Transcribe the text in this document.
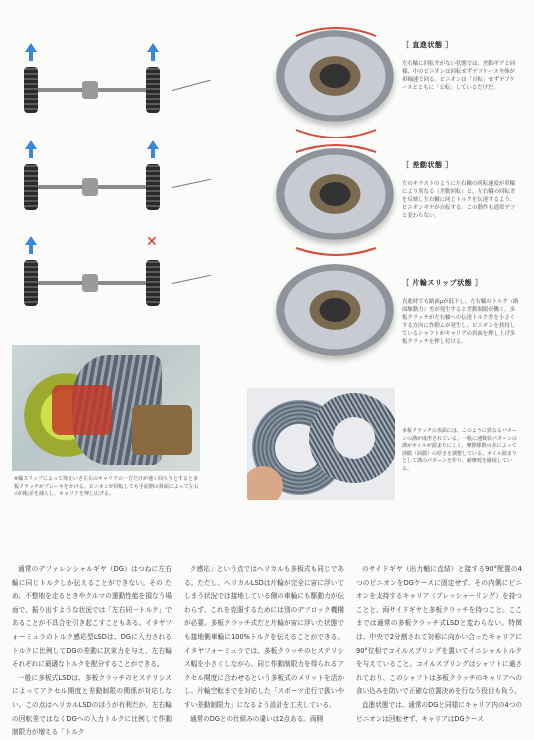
✕
［ 直進状態 ］
左右輪に回転差がない状態では、差動ギアと同様、中のピニオンは回転せずデフケース全体が車軸速で回る。ピニオンは「自転」せずデフケースとともに「公転」しているだけだ。
［ 差動状態 ］
左のキラストのように左右輪の回転速度が車輪により異なる（差動回転）と、左右輪の回転差を反映し左右輪に同じトルクを伝達するよう、ピニオンギヤが自転する。この動作も通常デフと変わらない。
［ 片輪スリップ状態 ］
直進時でも路面μが低下し、左右輪のトルク（路面駆動力）差が発生すると差動制限が働く。多板クラッチが左右輪への伝達トルク差を小さくする方向に作動ムが発生し、ピニオンを挟持しているシャフトがキャリアの斜面を押し上げ多板クラッチを押し付ける。
※輪スリップによって抑止いさ左右のキャリアの一方だけが速く回ろうとすると多板クラッチがブレーキをかける。ピニオンが回転しても手前側の斜面によって左右の回転差を減らし、キャリアを押し広げる。
多板クラッチの表面には、このように異なるパターンの溝が成形されている。一般に速数状パターンの溝がオイルが溜まりにくく、摩擦係数の差によって油膜（面膜）の厚さを調整している。オイル溜まりとして溝のパターンを作り、耐摩耗を確保している。

通常のデファレンシャルギヤ（DG）はつねに左右輪に同じトルクしか伝えることができない。その ため、不整地を走るときやクルマの運動性能を損なう場面で、振り出すような状況では「左右同一トルク」であることが不具合を引き起こすこともある。イタヤフォーミュラのトルク感応型LSDは、DGに入力されるトルクに比例してDGの差動に抗束力を与え、左右輪それぞれに最適なトルクを配分することができる。

一般に多板式LSDは、多板クラッチのヒステリシスによってアクセル開度と差動制限の関係が対応しない。この点はヘリカルLSDのほうが有利だが、左右輪の回転差ではなくDGへの入力トルクに比例して作動制限力が増える「トルク

ク感応」という点ではヘリカルも多板式も同じである。ただし、ヘリカルLSDは片輪が完全に宙に浮いてしまう状況では接地している側の車輪にも駆動力が伝わらず、これを克服するためには別のデフロック機構が必要。多板クラッチ式だと片輪が宙に浮いた状態でも接地側車輪に100%トルクを伝えることができる。イタヤフォーミュラでは、多板クラッチのヒステリシス幅を小さくしながら、同じ作動制限力を得られるアクセル開度に合わせるという多板式のメリットを活かし、片輪空転までを対応した「スポーツ走行で扱いやすい差動制限力」になるよう設計を工夫している。

通常のDGとの仕組みの違いは2点ある。両側

のサイドギヤ（出力軸に直結）と接する90°配置の4つのピニオンをDGケースに固定せず、その内側にピニオンを支持するキャリア（プレッシャーリング）を持つことと、両サイドギヤと多板クラッチを持つこと。ここまでは通常の多板クラッチ式LSDと変わらない。特徴は、中央で2分割されて対称に向かい合ったキャリアに90°位相でコイルスプリングを置いてイニシャルトルクを与えていること。コイルスプリングはシャフトに通されており、このシャフトは多板クラッチのキャリアへの食い込みを防いで正確な位置決めを行なう役目も負う。

直進状態では、通常のDGと同様にキャリア内の4つのピニオンは回転せず、キャリアはDGケース
